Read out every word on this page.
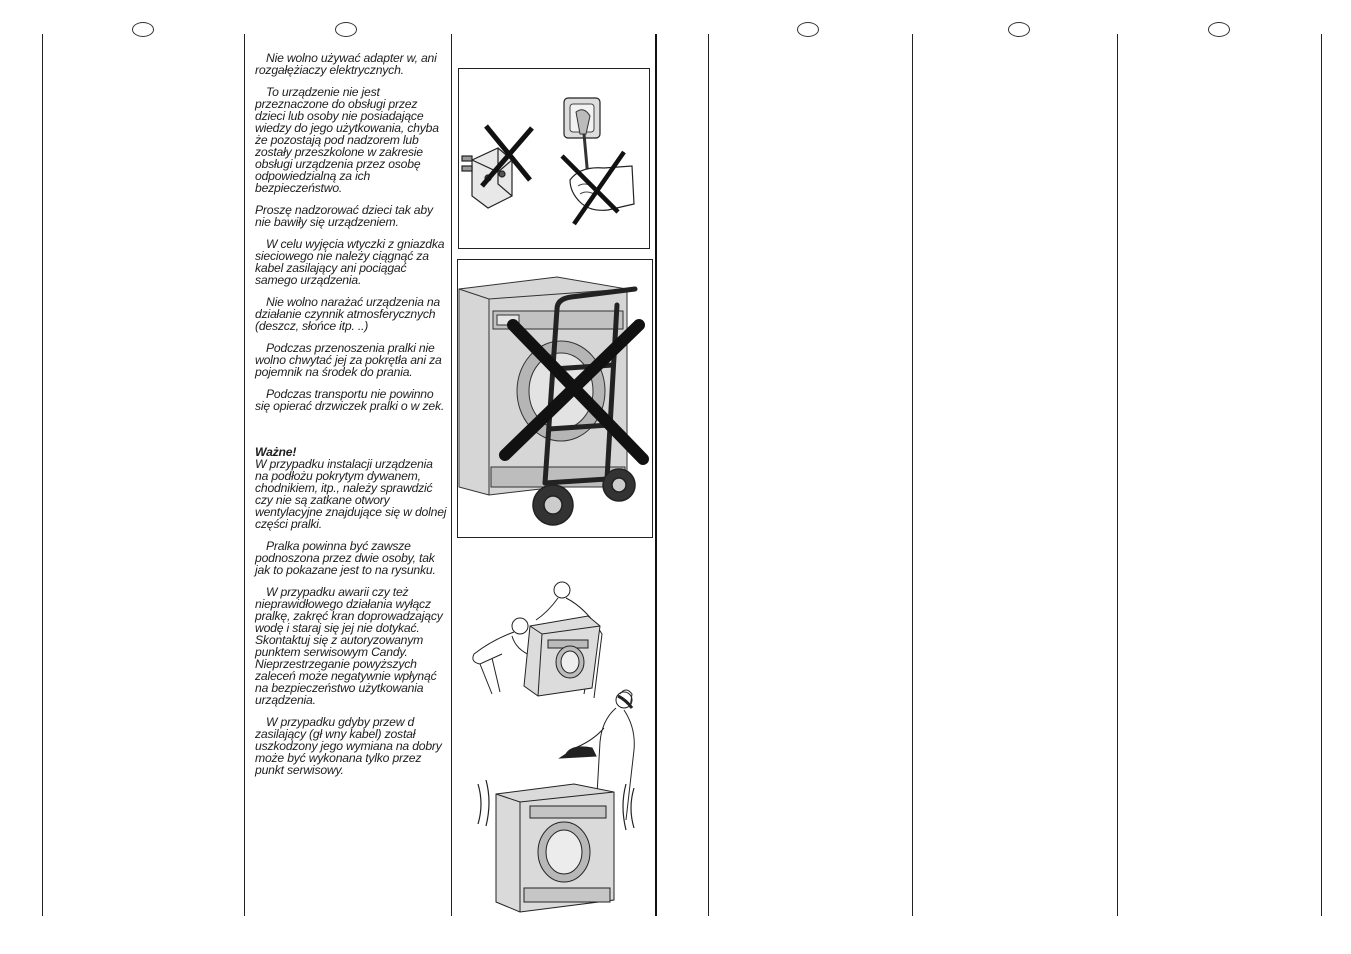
Nie wolno używać adapter w, ani rozgałężiaczy elektrycznych.

To urządzenie nie jest przeznaczone do obsługi przez dzieci lub osoby nie posiadające wiedzy do jego użytkowania, chyba że pozostają pod nadzorem lub zostały przeszkolone w zakresie obsługi urządzenia przez osobę odpowiedzialną za ich bezpieczeństwo.

Proszę nadzorować dzieci tak aby nie bawiły się urządzeniem.

W celu wyjęcia wtyczki z gniazdka sieciowego nie należy ciągnąć za kabel zasilający ani pociągać samego urządzenia.

Nie wolno narażać urządzenia na działanie czynnik atmosferycznych (deszcz, słońce itp. ..)

Podczas przenoszenia pralki nie wolno chwytać jej za pokrętła ani za pojemnik na środek do prania.

Podczas transportu nie powinno się opierać drzwiczek pralki o w zek.

Ważne!
W przypadku instalacji urządzenia na podłożu pokrytym dywanem, chodnikiem, itp., należy sprawdzić czy nie są zatkane otwory wentylacyjne znajdujące się w dolnej części pralki.

Pralka powinna być zawsze podnoszona przez dwie osoby, tak jak to pokazane jest to na rysunku.

W przypadku awarii czy też nieprawidłowego działania wyłącz pralkę, zakręć kran doprowadzający wodę i staraj się jej nie dotykać. Skontaktuj się z autoryzowanym punktem serwisowym Candy. Nieprzestrzeganie powyższych zaleceń może negatywnie wpłynąć na bezpieczeństwo użytkowania urządzenia.

W przypadku gdyby przew d zasilający (gł wny kabel) został uszkodzony jego wymiana na dobry może być wykonana tylko przez punkt serwisowy.
